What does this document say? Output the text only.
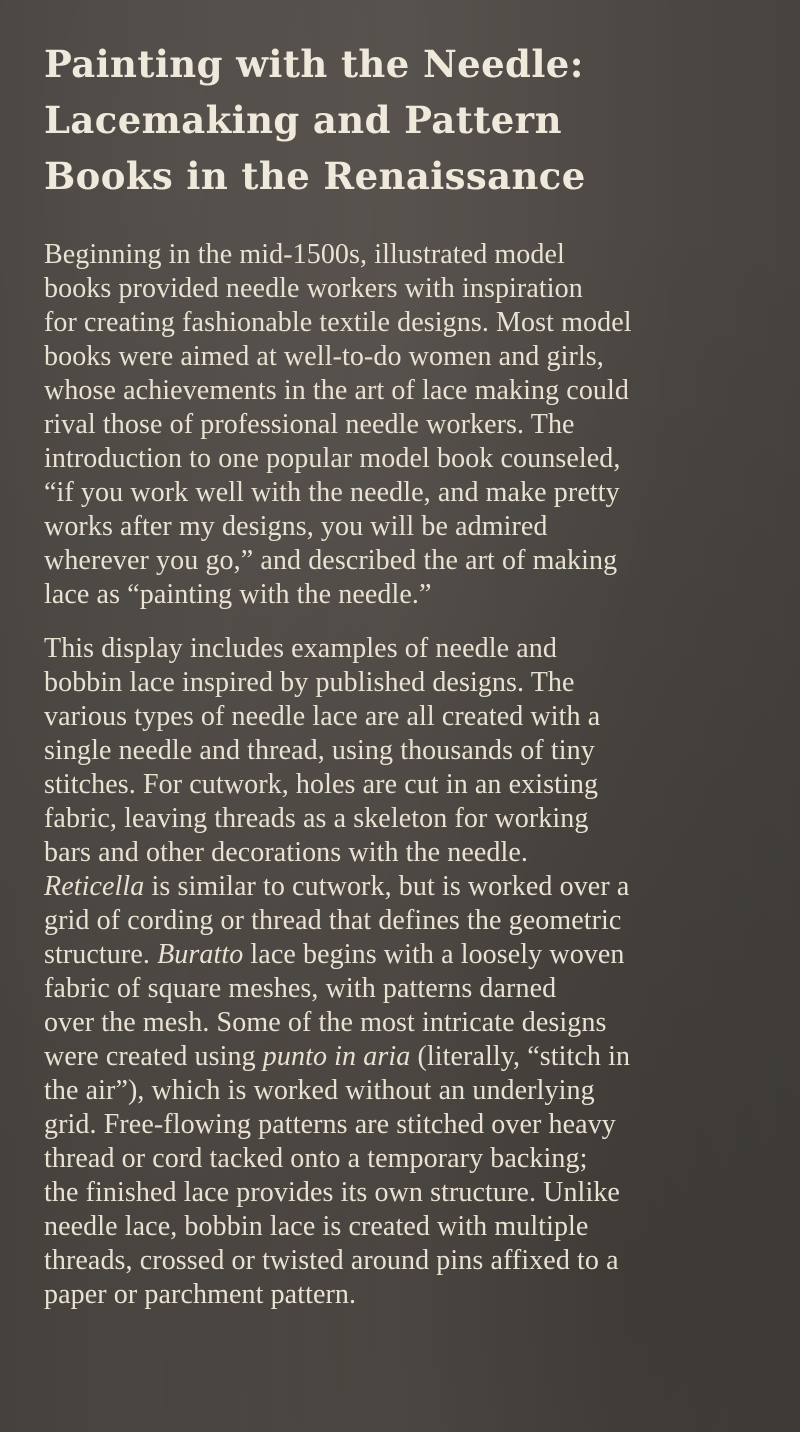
Painting with the Needle:
Lacemaking and Pattern
Books in the Renaissance

Beginning in the mid-1500s, illustrated model
books provided needle workers with inspiration
for creating fashionable textile designs. Most model
books were aimed at well-to-do women and girls,
whose achievements in the art of lace making could
rival those of professional needle workers. The
introduction to one popular model book counseled,
“if you work well with the needle, and make pretty
works after my designs, you will be admired
wherever you go,” and described the art of making
lace as “painting with the needle.”

This display includes examples of needle and
bobbin lace inspired by published designs. The
various types of needle lace are all created with a
single needle and thread, using thousands of tiny
stitches. For cutwork, holes are cut in an existing
fabric, leaving threads as a skeleton for working
bars and other decorations with the needle.
Reticella is similar to cutwork, but is worked over a
grid of cording or thread that defines the geometric
structure. Buratto lace begins with a loosely woven
fabric of square meshes, with patterns darned
over the mesh. Some of the most intricate designs
were created using punto in aria (literally, “stitch in
the air”), which is worked without an underlying
grid. Free-flowing patterns are stitched over heavy
thread or cord tacked onto a temporary backing;
the finished lace provides its own structure. Unlike
needle lace, bobbin lace is created with multiple
threads, crossed or twisted around pins affixed to a
paper or parchment pattern.
